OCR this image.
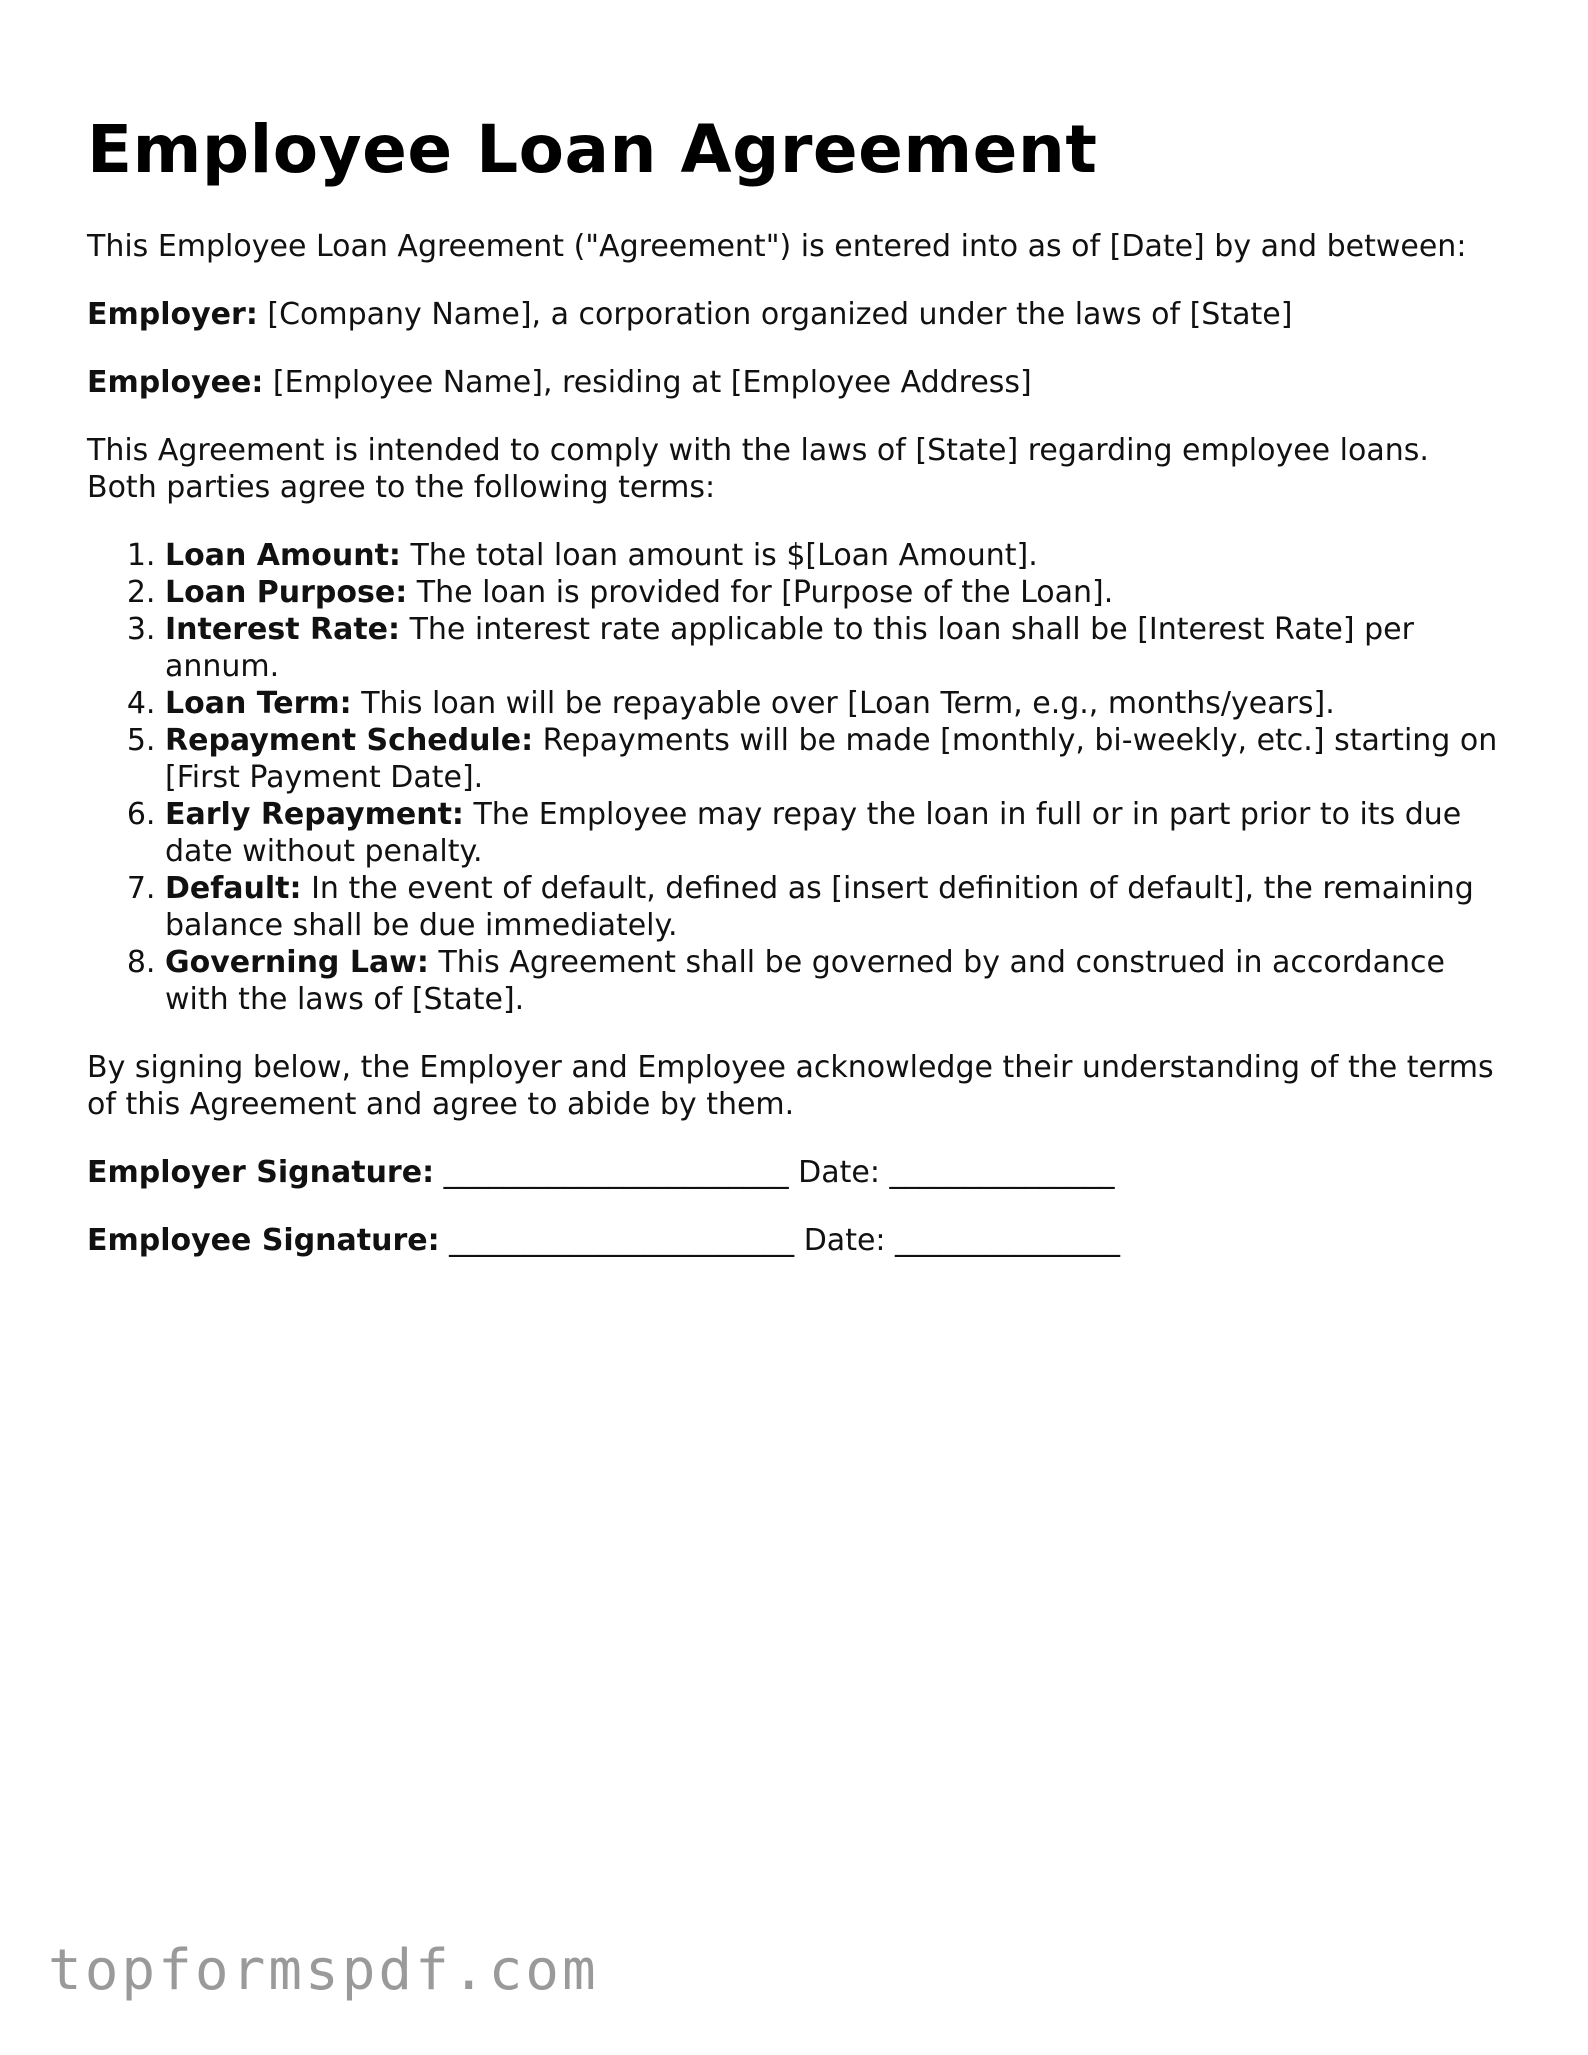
Employee Loan Agreement

This Employee Loan Agreement ("Agreement") is entered into as of [Date] by and between:

Employer: [Company Name], a corporation organized under the laws of [State]

Employee: [Employee Name], residing at [Employee Address]

This Agreement is intended to comply with the laws of [State] regarding employee loans. Both parties agree to the following terms:

1. Loan Amount: The total loan amount is $[Loan Amount].
2. Loan Purpose: The loan is provided for [Purpose of the Loan].
3. Interest Rate: The interest rate applicable to this loan shall be [Interest Rate] per annum.
4. Loan Term: This loan will be repayable over [Loan Term, e.g., months/years].
5. Repayment Schedule: Repayments will be made [monthly, bi-weekly, etc.] starting on [First Payment Date].
6. Early Repayment: The Employee may repay the loan in full or in part prior to its due date without penalty.
7. Default: In the event of default, defined as [insert definition of default], the remaining balance shall be due immediately.
8. Governing Law: This Agreement shall be governed by and construed in accordance with the laws of [State].

By signing below, the Employer and Employee acknowledge their understanding of the terms of this Agreement and agree to abide by them.

Employer Signature: _______________________ Date: _______________

Employee Signature: _______________________ Date: _______________

topformspdf.com
